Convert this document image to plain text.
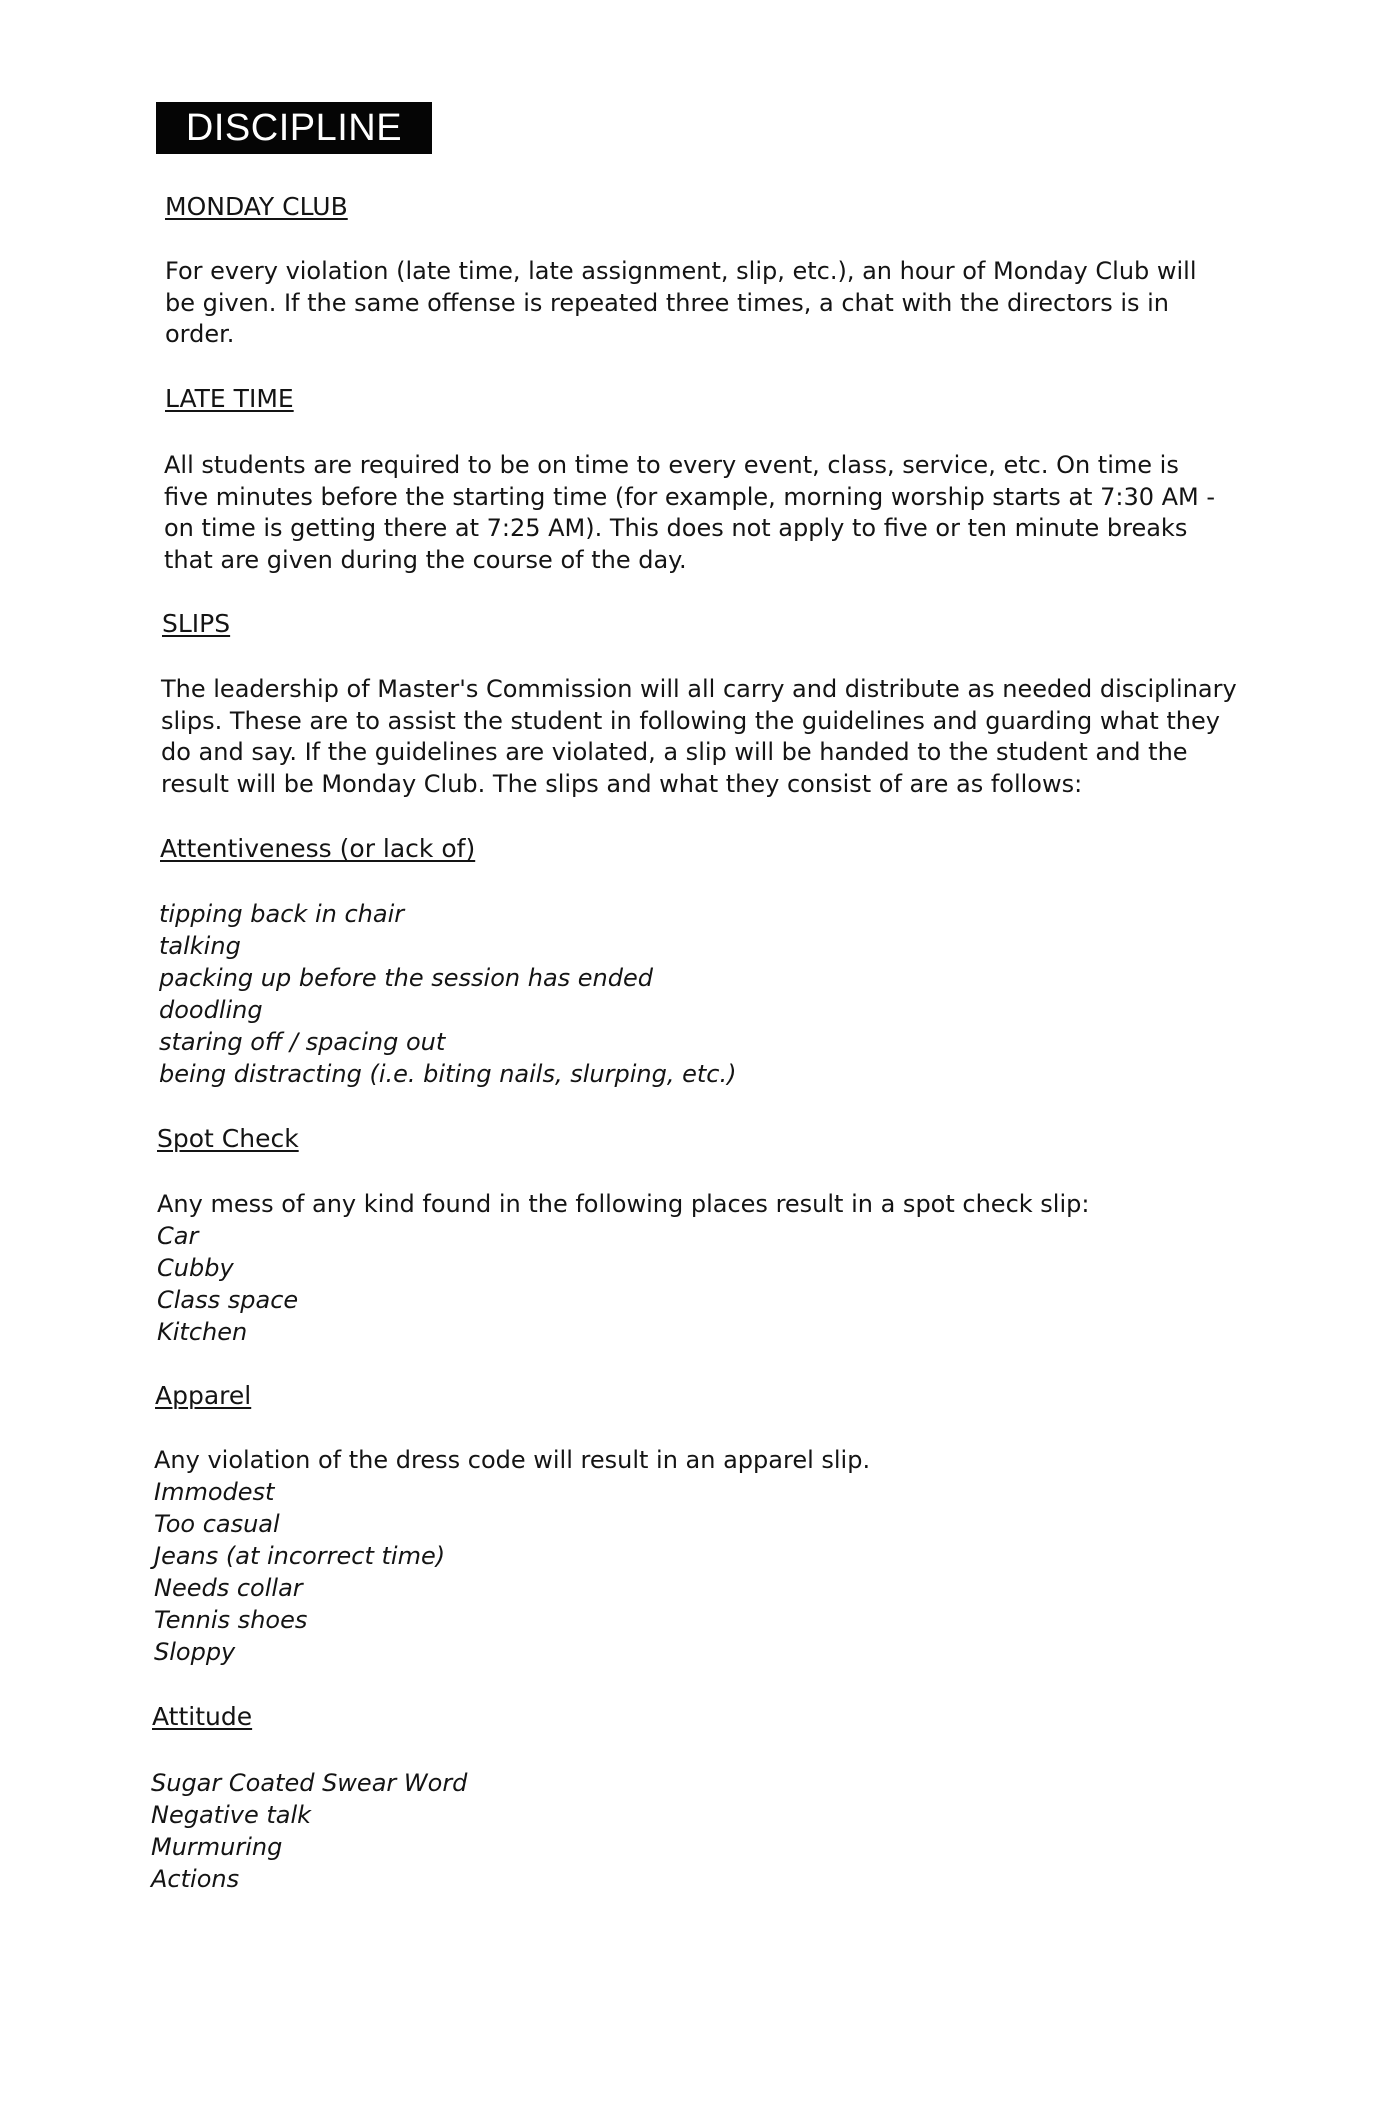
DISCIPLINE
MONDAY CLUB
For every violation (late time, late assignment, slip, etc.), an hour of Monday Club will
be given. If the same offense is repeated three times, a chat with the directors is in
order.
LATE TIME
All students are required to be on time to every event, class, service, etc. On time is
five minutes before the starting time (for example, morning worship starts at 7:30 AM -
on time is getting there at 7:25 AM). This does not apply to five or ten minute breaks
that are given during the course of the day.
SLIPS
The leadership of Master's Commission will all carry and distribute as needed disciplinary
slips. These are to assist the student in following the guidelines and guarding what they
do and say. If the guidelines are violated, a slip will be handed to the student and the
result will be Monday Club. The slips and what they consist of are as follows:
Attentiveness (or lack of)
tipping back in chair
talking
packing up before the session has ended
doodling
staring off / spacing out
being distracting (i.e. biting nails, slurping, etc.)
Spot Check
Any mess of any kind found in the following places result in a spot check slip:
Car
Cubby
Class space
Kitchen
Apparel
Any violation of the dress code will result in an apparel slip.
Immodest
Too casual
Jeans (at incorrect time)
Needs collar
Tennis shoes
Sloppy
Attitude
Sugar Coated Swear Word
Negative talk
Murmuring
Actions
